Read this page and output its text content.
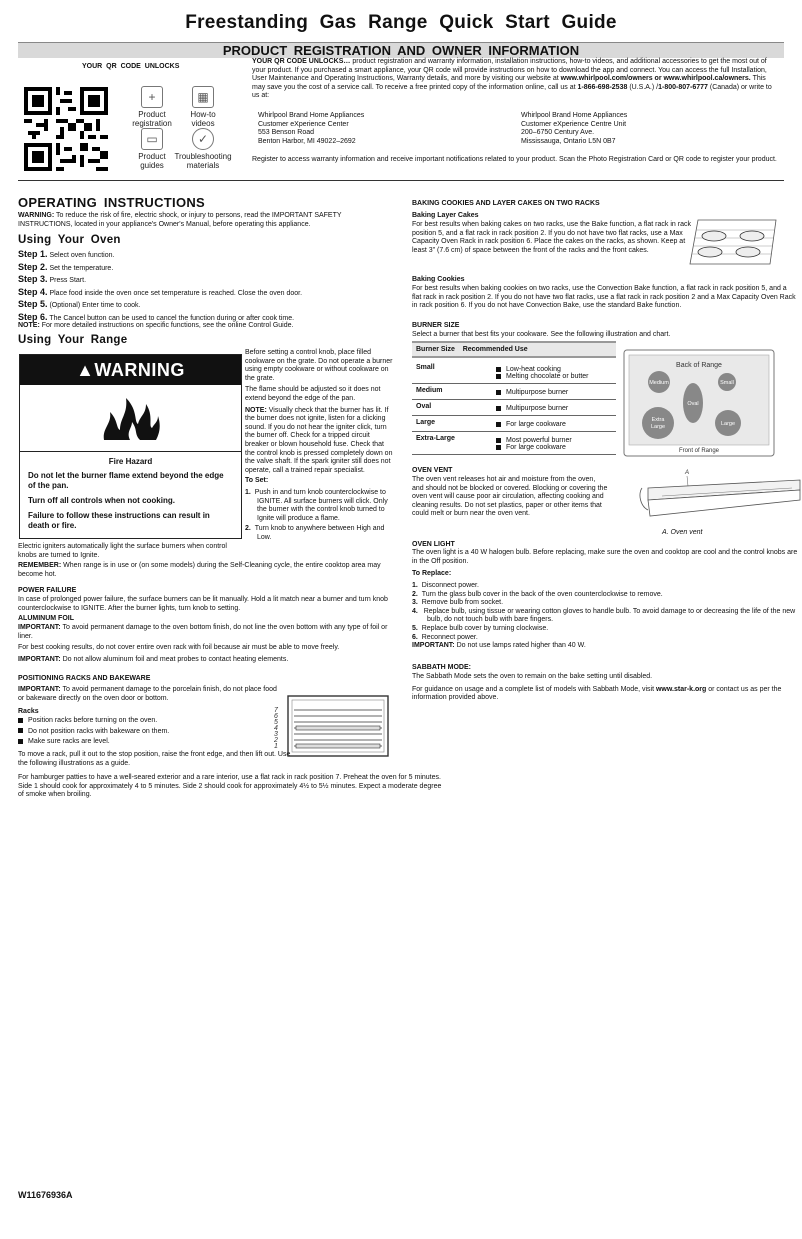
Freestanding Gas Range Quick Start Guide
PRODUCT REGISTRATION AND OWNER INFORMATION
YOUR QR CODE UNLOCKS
+
Product registration
▦
How-to videos
▭
Product guides
✓
Troubleshooting materials

YOUR QR CODE UNLOCKS… product registration and warranty information, installation instructions, how-to videos, and additional accessories to get the most out of your product. If you purchased a smart appliance, your QR code will provide instructions on how to download the app and connect. You can access the full Installation, User Maintenance and Operating Instructions, Warranty details, and more by visiting our website at www.whirlpool.com/owners or www.whirlpool.ca/owners. This may save you the cost of a service call. To receive a free printed copy of the information online, call us at 1-866-698-2538 (U.S.A.) /1-800-807-6777 (Canada) or write to us at:

Whirlpool Brand Home Appliances

Customer eXperience Center

553 Benson Road

Benton Harbor, MI 49022–2692

Whirlpool Brand Home Appliances

Customer eXperience Centre Unit

200–6750 Century Ave.

Mississauga, Ontario L5N 0B7

Register to access warranty information and receive important notifications related to your product. Scan the Photo Registration Card or QR code to register your product.
OPERATING INSTRUCTIONS
WARNING: To reduce the risk of fire, electric shock, or injury to persons, read the IMPORTANT SAFETY INSTRUCTIONS, located in your appliance's Owner's Manual, before operating this appliance.
Using Your Oven
Step 1. Select oven function.
Step 2. Set the temperature.
Step 3. Press Start.
Step 4. Place food inside the oven once set temperature is reached. Close the oven door.
Step 5. (Optional) Enter time to cook.
Step 6. The Cancel button can be used to cancel the function during or after cook time.
NOTE: For more detailed instructions on specific functions, see the online Control Guide.
Using Your Range
▲WARNING
Fire Hazard

Do not let the burner flame extend beyond the edge of the pan.

Turn off all controls when not cooking.

Failure to follow these instructions can result in death or fire.

Before setting a control knob, place filled cookware on the grate. Do not operate a burner using empty cookware or without cookware on the grate.

The flame should be adjusted so it does not extend beyond the edge of the pan.

NOTE: Visually check that the burner has lit. If the burner does not ignite, listen for a clicking sound. If you do not hear the igniter click, turn the burner off. Check for a tripped circuit breaker or blown household fuse. Check that the control knob is pressed completely down on the valve shaft. If the spark igniter still does not operate, call a trained repair specialist.

To Set:

1. Push in and turn knob counterclockwise to IGNITE. All surface burners will click. Only the burner with the control knob turned to Ignite will produce a flame.

2. Turn knob to anywhere between High and Low.

Electric igniters automatically light the surface burners when control knobs are turned to Ignite.
REMEMBER: When range is in use or (on some models) during the Self-Cleaning cycle, the entire cooktop area may become hot.
POWER FAILURE
In case of prolonged power failure, the surface burners can be lit manually. Hold a lit match near a burner and turn knob counterclockwise to IGNITE. After the burner lights, turn knob to setting.
ALUMINUM FOIL

IMPORTANT: To avoid permanent damage to the oven bottom finish, do not line the oven bottom with any type of foil or liner.

For best cooking results, do not cover entire oven rack with foil because air must be able to move freely.

IMPORTANT: Do not allow aluminum foil and meat probes to contact heating elements.

POSITIONING RACKS AND BAKEWARE
IMPORTANT: To avoid permanent damage to the porcelain finish, do not place food or bakeware directly on the oven door or bottom.
Racks

Position racks before turning on the oven.

Do not position racks with bakeware on them.

Make sure racks are level.

To move a rack, pull it out to the stop position, raise the front edge, and then lift out. Use the following illustrations as a guide.
7
6
5
4
3
2
1
For hamburger patties to have a well-seared exterior and a rare interior, use a flat rack in rack position 7. Preheat the oven for 5 minutes. Side 1 should cook for approximately 4 to 5 minutes. Side 2 should cook for approximately 4½ to 5½ minutes. Expect a moderate degree of smoke when broiling.
BAKING COOKIES AND LAYER CAKES ON TWO RACKS
Baking Layer Cakes
For best results when baking cakes on two racks, use the Bake function, a flat rack in rack position 5, and a flat rack in rack position 2. If you do not have two flat racks, use a Max Capacity Oven Rack in rack position 6. Place the cakes on the racks, as shown. Keep at least 3" (7.6 cm) of space between the front of the racks and the front cakes.
Baking Cookies
For best results when baking cookies on two racks, use the Convection Bake function, a flat rack in rack position 5, and a flat rack in rack position 2. If you do not have two flat racks, use a flat rack in rack position 2 and a Max Capacity Oven Rack in rack position 6. If you do not have Convection Bake, use the standard Bake function.
BURNER SIZE
Select a burner that best fits your cookware. See the following illustration and chart.
Burner Size Recommended Use	
Small	Low-heat cooking
Melting chocolate or butter

Medium	Multipurpose burner
Oval	Multipurpose burner
Large	For large cookware
Extra-Large	Most powerful burner
For large cookware
Back of Range
Front of Range
Medium	Small
Oval
Extra
Large	Large
OVEN VENT
The oven vent releases hot air and moisture from the oven, and should not be blocked or covered. Blocking or covering the oven vent will cause poor air circulation, affecting cooking and cleaning results. Do not set plastics, paper or other items that could melt or burn near the oven vent.
A
A. Oven vent
OVEN LIGHT
The oven light is a 40 W halogen bulb. Before replacing, make sure the oven and cooktop are cool and the control knobs are in the Off position.
To Replace:

1. Disconnect power.

2. Turn the glass bulb cover in the back of the oven counterclockwise to remove.

3. Remove bulb from socket.

4. Replace bulb, using tissue or wearing cotton gloves to handle bulb. To avoid damage to or decreasing the life of the new bulb, do not touch bulb with bare fingers.

5. Replace bulb cover by turning clockwise.

6. Reconnect power.

IMPORTANT: Do not use lamps rated higher than 40 W.

SABBATH MODE:

The Sabbath Mode sets the oven to remain on the bake setting until disabled.

For guidance on usage and a complete list of models with Sabbath Mode, visit www.star-k.org or contact us as per the information provided above.

W11676936A
